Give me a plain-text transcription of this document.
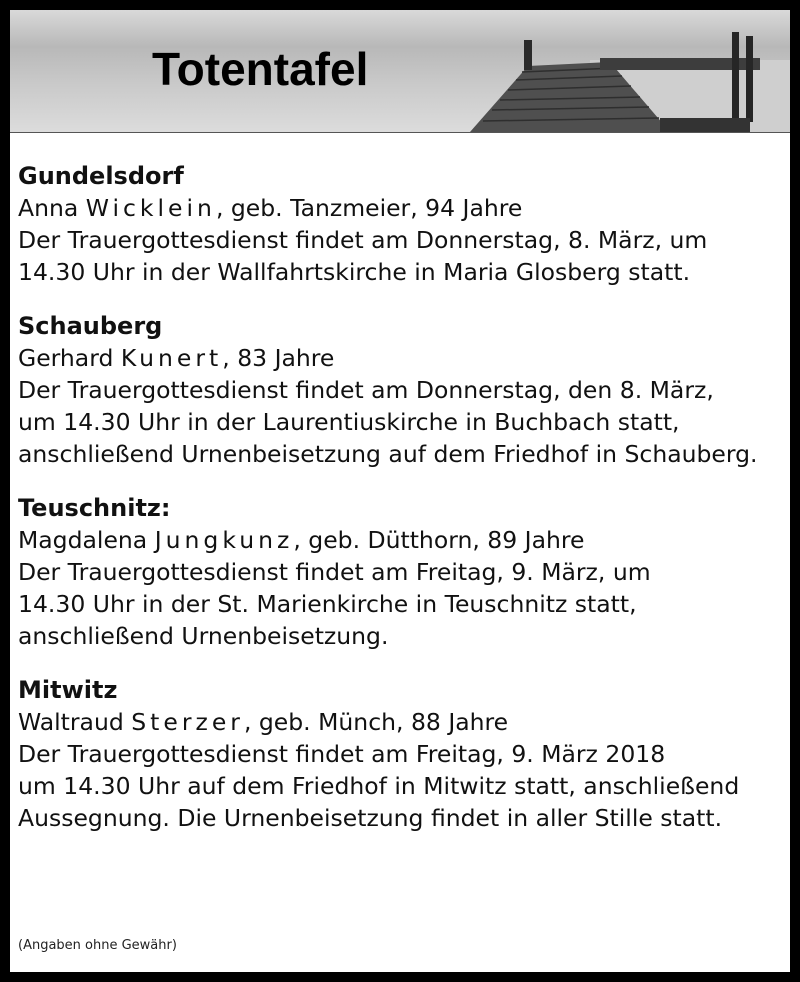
Totentafel

Gundelsdorf

Anna Wicklein, geb. Tanzmeier, 94 Jahre

Der Trauergottesdienst findet am Donnerstag, 8. März, um

14.30 Uhr in der Wallfahrtskirche in Maria Glosberg statt.

Schauberg

Gerhard Kunert, 83 Jahre

Der Trauergottesdienst findet am Donnerstag, den 8. März,

um 14.30 Uhr in der Laurentiuskirche in Buchbach statt,

anschließend Urnenbeisetzung auf dem Friedhof in Schauberg.

Teuschnitz:

Magdalena Jungkunz, geb. Dütthorn, 89 Jahre

Der Trauergottesdienst findet am Freitag, 9. März, um

14.30 Uhr in der St. Marienkirche in Teuschnitz statt,

anschließend Urnenbeisetzung.

Mitwitz

Waltraud Sterzer, geb. Münch, 88 Jahre

Der Trauergottesdienst findet am Freitag, 9. März 2018

um 14.30 Uhr auf dem Friedhof in Mitwitz statt, anschließend

Aussegnung. Die Urnenbeisetzung findet in aller Stille statt.

(Angaben ohne Gewähr)
